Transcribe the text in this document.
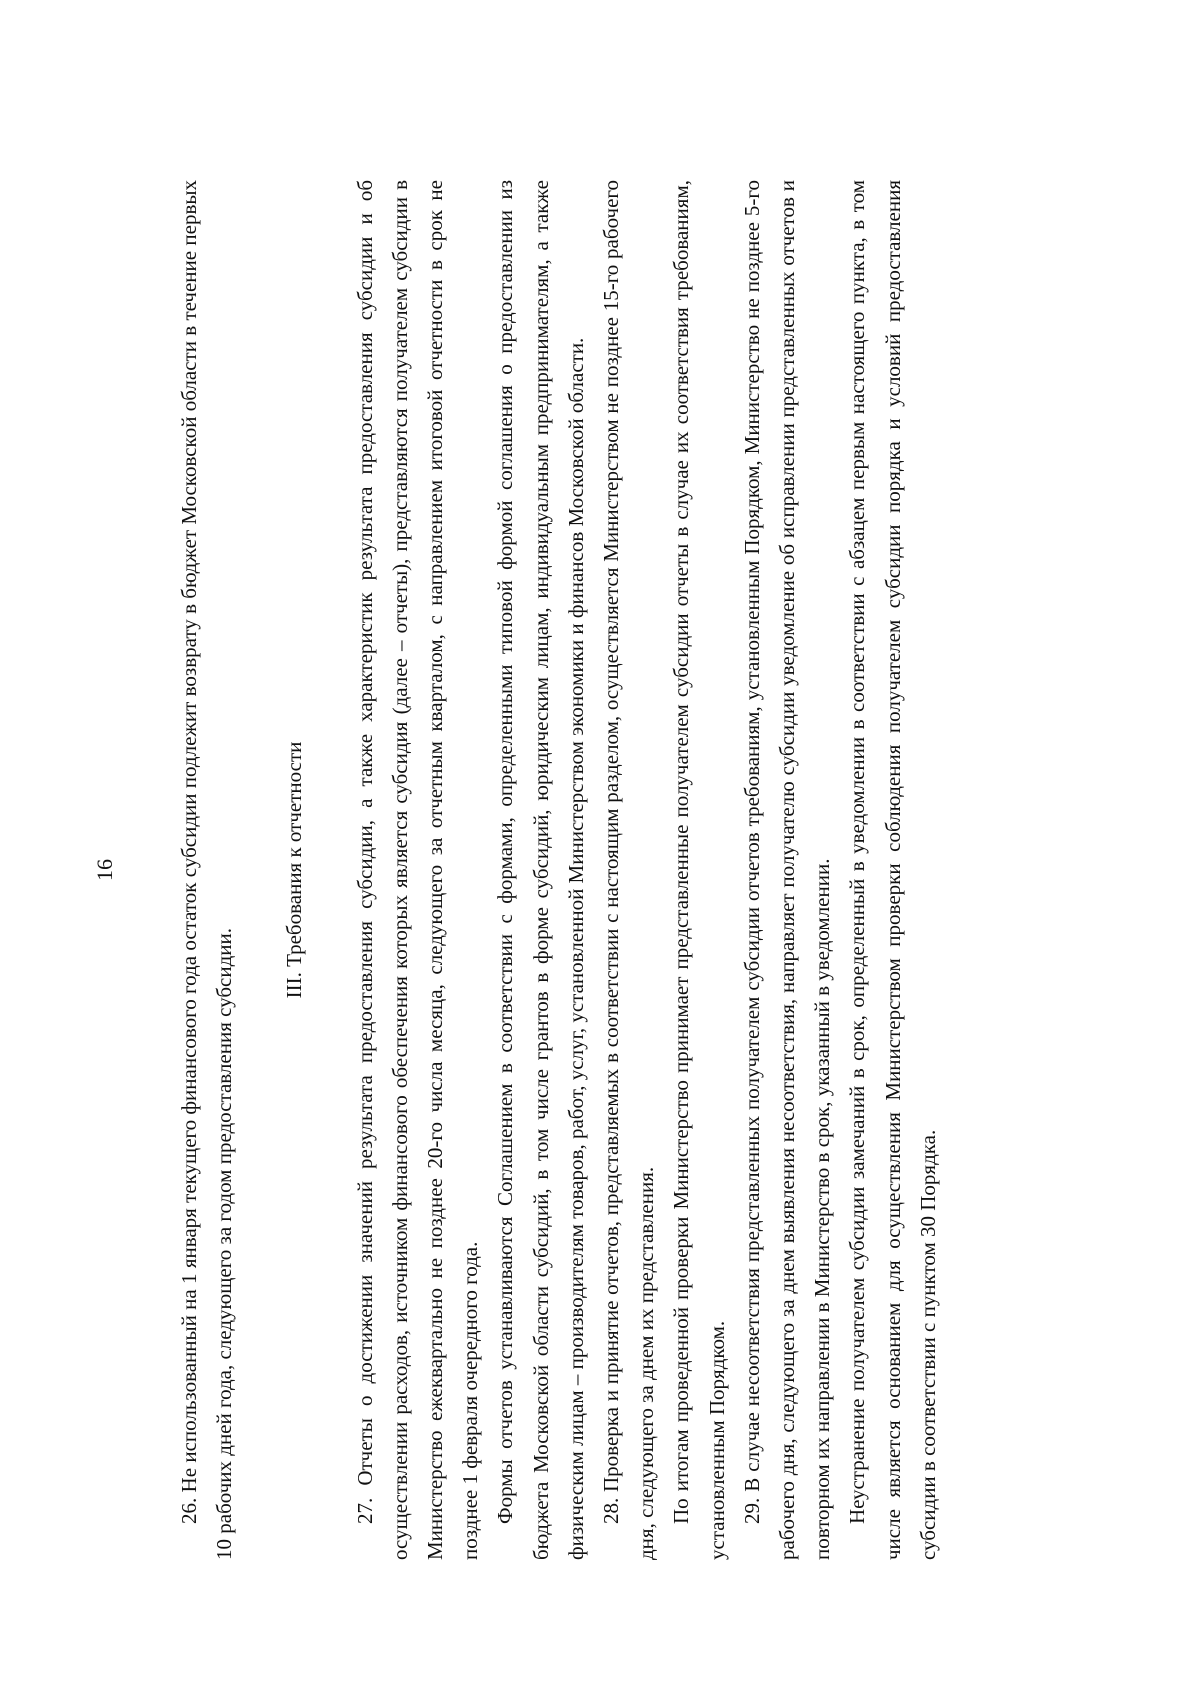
16	26. Не использованный на 1 января текущего финансового года остаток субсидии подлежит возврату в бюджет Московской области в течение первых 10 рабочих дней года, следующего за годом предоставления субсидии.

III. Требования к отчетности 27. Отчеты о достижении значений результата предоставления субсидии, а также характеристик результата предоставления субсидии и об осуществлении расходов, источником финансового обеспечения которых является субсидия (далее – отчеты), представляются получателем субсидии в Министерство ежеквартально не позднее 20-го числа месяца, следующего за отчетным кварталом, с направлением итоговой отчетности в срок не позднее 1 февраля очередного года. Формы отчетов устанавливаются Соглашением в соответствии с формами, определенными типовой формой соглашения о предоставлении из бюджета Московской области субсидий, в том числе грантов в форме субсидий, юридическим лицам, индивидуальным предпринимателям, а также физическим лицам – производителям товаров, работ, услуг, установленной Министерством экономики и финансов Московской области. 28. Проверка и принятие отчетов, представляемых в соответствии с настоящим разделом, осуществляется Министерством не позднее 15-го рабочего дня, следующего за днем их представления. По итогам проведенной проверки Министерство принимает представленные получателем субсидии отчеты в случае их соответствия требованиям, установленным Порядком. 29. В случае несоответствия представленных получателем субсидии отчетов требованиям, установленным Порядком, Министерство не позднее 5-го рабочего дня, следующего за днем выявления несоответствия, направляет получателю субсидии уведомление об исправлении представленных отчетов и повторном их направлении в Министерство в срок, указанный в уведомлении. Неустранение получателем субсидии замечаний в срок, определенный в уведомлении в соответствии с абзацем первым настоящего пункта, в том числе является основанием для осуществления Министерством проверки соблюдения получателем субсидии порядка и условий предоставления субсидии в соответствии с пунктом 30 Порядка.
